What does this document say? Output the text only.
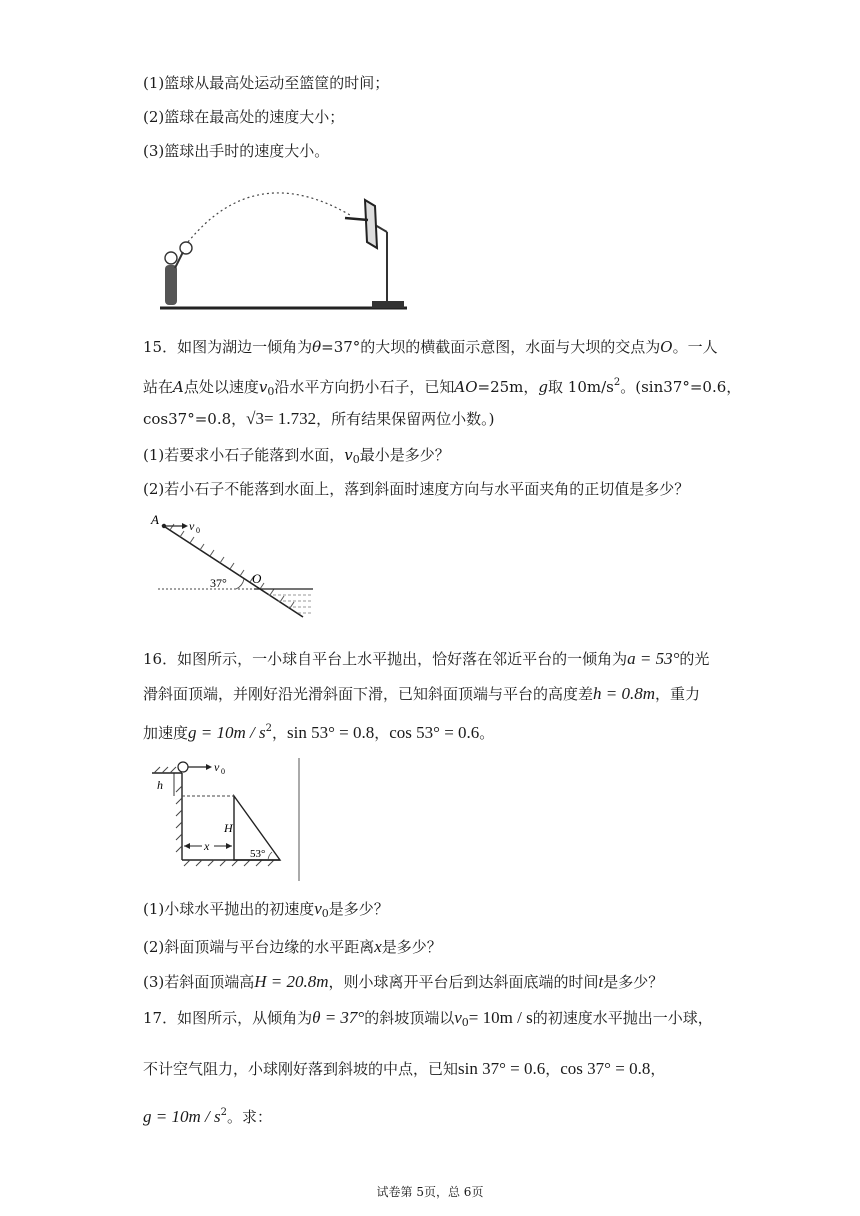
(1)篮球从最高处运动至篮筐的时间；
(2)篮球在最高处的速度大小；
(3)篮球出手时的速度大小。
15．如图为湖边一倾角为θ=37°的大坝的横截面示意图，水面与大坝的交点为O。一人
站在A点处以速度$v_0$沿水平方向扔小石子，已知AO=25m，g取 $10m/s^2$。(sin37°=0.6，
cos37°=0.8，√3= 1.732，所有结果保留两位小数。)
(1)若要求小石子能落到水面，$v_0$最小是多少？
(2)若小石子不能落到水面上，落到斜面时速度方向与水平面夹角的正切值是多少？
A	v 0
37° O
16．如图所示，一小球自平台上水平抛出，恰好落在邻近平台的一倾角为a = 53°的光
滑斜面顶端，并刚好沿光滑斜面下滑，已知斜面顶端与平台的高度差h = 0.8m，重力
加速度$g = 10m / s^2$，sin 53° = 0.8，cos 53° = 0.6。
v 0
h
H
x
53°
(1)小球水平抛出的初速度$v_0$是多少？
(2)斜面顶端与平台边缘的水平距离x是多少？
(3)若斜面顶端高H = 20.8m，则小球离开平台后到达斜面底端的时间t是多少？
17．如图所示，从倾角为θ = 37°的斜坡顶端以$v_0= 10m / s$的初速度水平抛出一小球，
不计空气阻力，小球刚好落到斜坡的中点，已知sin 37° = 0.6，cos 37° = 0.8，
$g = 10m / s^2$。求：
试卷第 5页，总 6页
